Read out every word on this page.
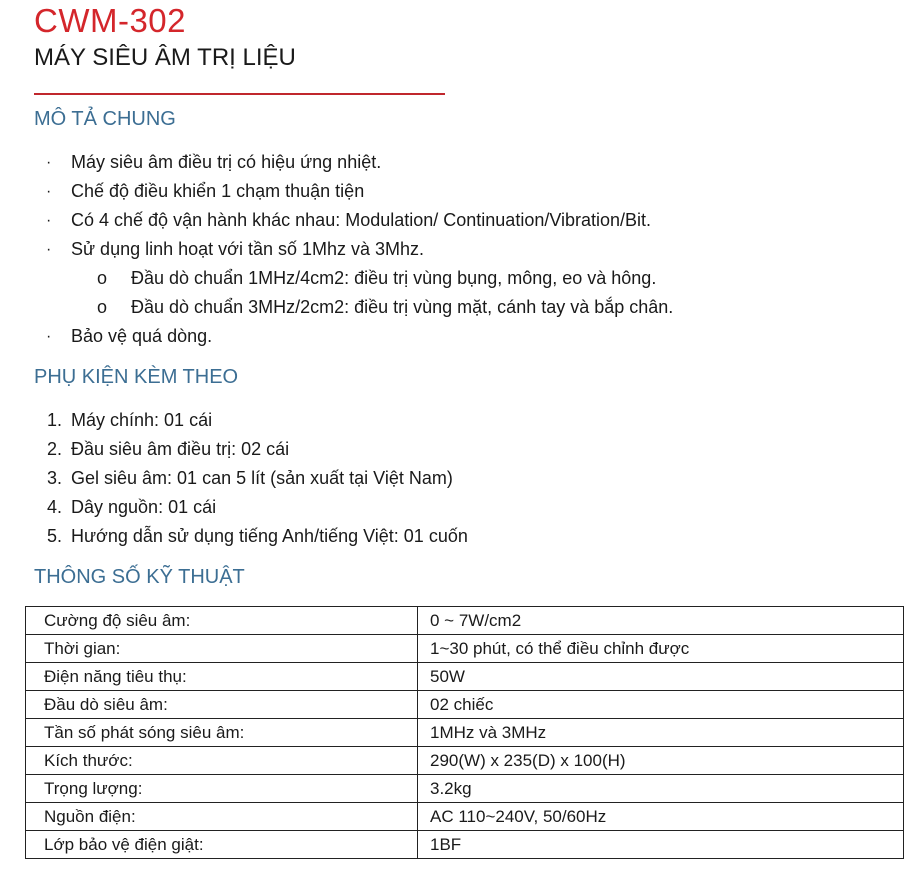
CWM-302
MÁY SIÊU ÂM TRỊ LIỆU
MÔ TẢ CHUNG
· Máy siêu âm điều trị có hiệu ứng nhiệt.
· Chế độ điều khiển 1 chạm thuận tiện
· Có 4 chế độ vận hành khác nhau: Modulation/ Continuation/Vibration/Bit.
· Sử dụng linh hoạt với tần số 1Mhz và 3Mhz.
o Đầu dò chuẩn 1MHz/4cm2: điều trị vùng bụng, mông, eo và hông.
o Đầu dò chuẩn 3MHz/2cm2: điều trị vùng mặt, cánh tay và bắp chân.
· Bảo vệ quá dòng.
PHỤ KIỆN KÈM THEO
1. Máy chính: 01 cái
2. Đầu siêu âm điều trị: 02 cái
3. Gel siêu âm: 01 can 5 lít (sản xuất tại Việt Nam)
4. Dây nguồn: 01 cái
5. Hướng dẫn sử dụng tiếng Anh/tiếng Việt: 01 cuốn
THÔNG SỐ KỸ THUẬT
Cường độ siêu âm:	0 ~ 7W/cm2
Thời gian:	1~30 phút, có thể điều chỉnh được
Điện năng tiêu thụ:	50W
Đầu dò siêu âm:	02 chiếc
Tần số phát sóng siêu âm:	1MHz và 3MHz
Kích thước:	290(W) x 235(D) x 100(H)
Trọng lượng:	3.2kg
Nguồn điện:	AC 110~240V, 50/60Hz
Lớp bảo vệ điện giật:	1BF
